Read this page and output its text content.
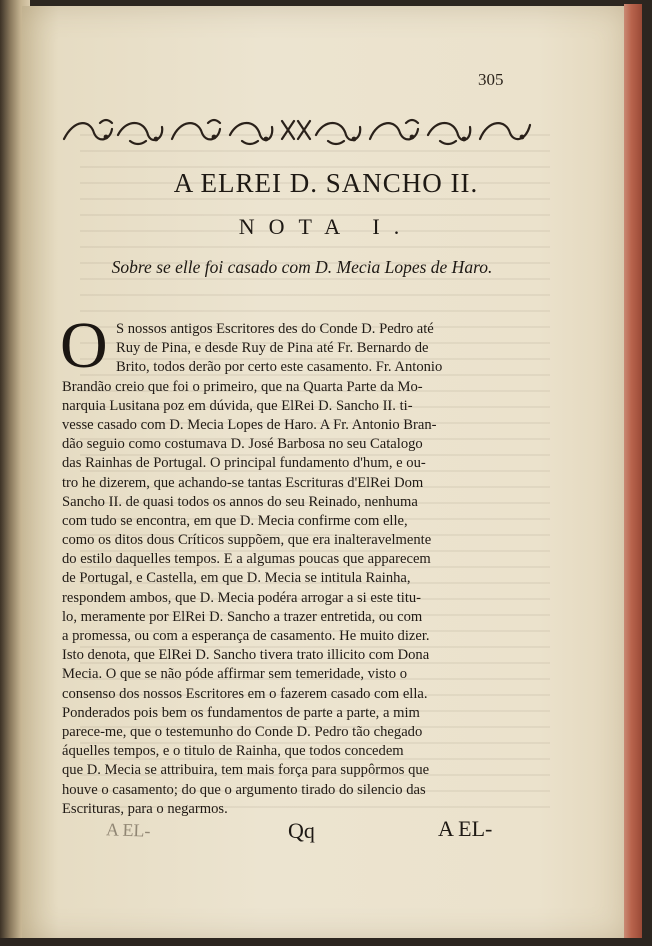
305
A ELREI D. SANCHO II.
NOTA I.
Sobre se elle foi casado com D. Mecia Lopes de Haro.
O S nossos antigos Escritores des do Conde D. Pedro até
Ruy de Pina, e desde Ruy de Pina até Fr. Bernardo de
Brito, todos derão por certo este casamento. Fr. Antonio
Brandão creio que foi o primeiro, que na Quarta Parte da Mo-
narquia Lusitana poz em dúvida, que ElRei D. Sancho II. ti-
vesse casado com D. Mecia Lopes de Haro. A Fr. Antonio Bran-
dão seguio como costumava D. José Barbosa no seu Catalogo
das Rainhas de Portugal. O principal fundamento d'hum, e ou-
tro he dizerem, que achando-se tantas Escrituras d'ElRei Dom
Sancho II. de quasi todos os annos do seu Reinado, nenhuma
com tudo se encontra, em que D. Mecia confirme com elle,
como os ditos dous Críticos suppõem, que era inalteravelmente
do estilo daquelles tempos. E a algumas poucas que apparecem
de Portugal, e Castella, em que D. Mecia se intitula Rainha,
respondem ambos, que D. Mecia podéra arrogar a si este titu-
lo, meramente por ElRei D. Sancho a trazer entretida, ou com
a promessa, ou com a esperança de casamento. He muito dizer.
Isto denota, que ElRei D. Sancho tivera trato illicito com Dona
Mecia. O que se não póde affirmar sem temeridade, visto o
consenso dos nossos Escritores em o fazerem casado com ella.
Ponderados pois bem os fundamentos de parte a parte, a mim
parece-me, que o testemunho do Conde D. Pedro tão chegado
áquelles tempos, e o titulo de Rainha, que todos concedem
que D. Mecia se attribuira, tem mais força para suppôrmos que
houve o casamento; do que o argumento tirado do silencio das
Escrituras, para o negarmos.
A EL-	Qq	A EL-
